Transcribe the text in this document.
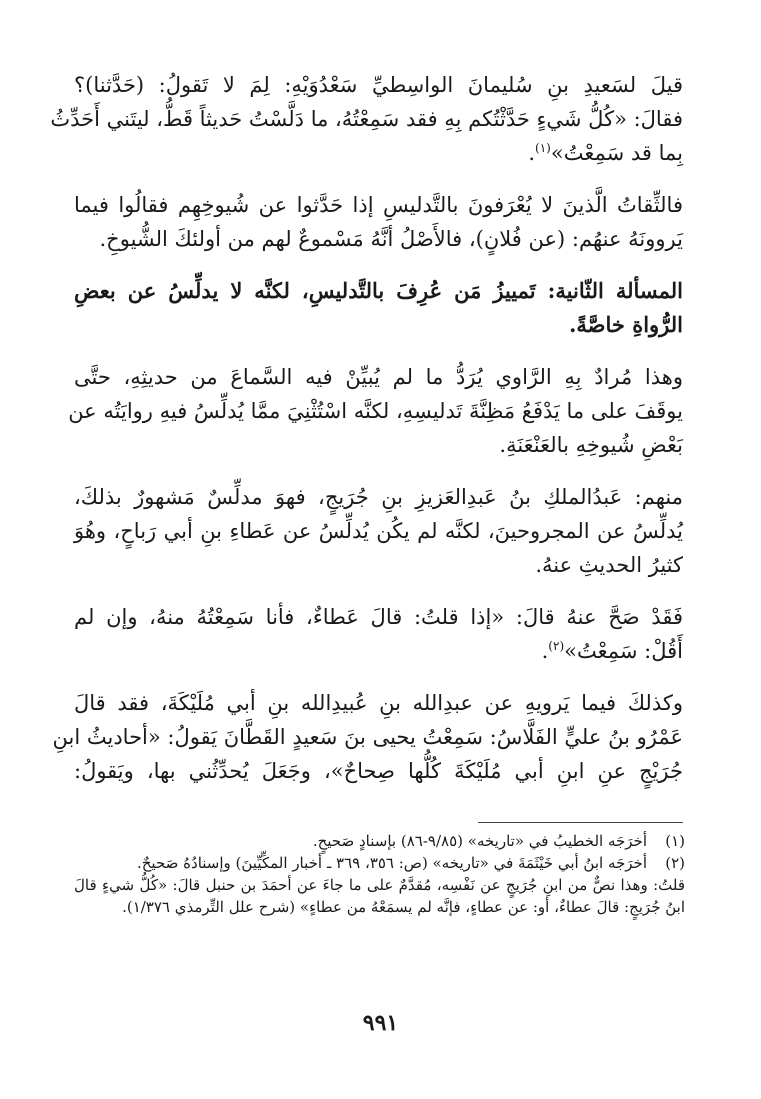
قيلَ لسَعيدِ بنِ سُليمانَ الواسِطيِّ سَعْدُوَيْهِ: لِمَ لا تَقولُ: (حَدَّثنا)؟
فقالَ: «كُلُّ شَيءٍ حَدَّثْتُكم بِهِ فقد سَمِعْتُهُ، ما دَلَّسْتُ حَديثاً قَطُّ، ليتَني أَحَدِّثُ
بِما قد سَمِعْتُ»$^{(١)}$.

فالثِّقاتُ الَّذينَ لا يُعْرَفونَ بالتَّدليسِ إذا حَدَّثوا عن شُيوخِهِم فقالُوا فيما
يَروونَهُ عنهُم: (عن فُلانٍ)، فالأَصْلُ أنَّهُ مَسْموعٌ لهم من أولئكَ الشُّيوخِ.

المسألة الثّانية: تَمييزُ مَن عُرِفَ بالتَّدليسِ، لكنَّه لا يدلِّسُ عن بعضِ
الرُّواةِ خاصَّةً.

وهذا مُرادٌ بِهِ الرَّاوي يُرَدُّ ما لم يُبيِّنْ فيه السَّماعَ من حديثِهِ، حتَّى
يوقَفَ على ما يَدْفَعُ مَظِنَّةَ تَدليسِهِ، لكنَّه اسْتُثْنِيَ ممَّا يُدلِّسُ فيهِ روايَتُه عن
بَعْضِ شُيوخِهِ بالعَنْعَنَةِ.

منهم: عَبدُالملكِ بنُ عَبدِالعَزيزِ بنِ جُرَيجٍ، فهوَ مدلِّسٌ مَشهورٌ بذلكَ،
يُدلِّسُ عن المجروحينَ، لكنَّه لم يكُن يُدلِّسُ عن عَطاءِ بنِ أبي رَباحٍ، وهُوَ
كثيرُ الحديثِ عنهُ.

فَقَدْ صَحَّ عنهُ قالَ: «إذا قلتُ: قالَ عَطاءٌ، فأنا سَمِعْتُهُ منهُ، وإن لم
أَقُلْ: سَمِعْتُ»$^{(٢)}$.

وكذلكَ فيما يَرويهِ عن عبدِالله بنِ عُبيدِالله بنِ أبي مُلَيْكَةَ، فقد قالَ
عَمْرُو بنُ عليٍّ الفَلَّاسُ: سَمِعْتُ يحيى بنَ سَعيدٍ القَطَّانَ يَقولُ: «أحاديثُ ابنِ
جُرَيْجٍ عنِ ابنِ أبي مُلَيْكَةَ كُلُّها صِحاحٌ»، وجَعَلَ يُحدِّثُني بها، ويَقولُ:

(١)
أخرَجَه الخطيبُ في «تاريخه» (٩/٨٥-٨٦) بإسنادٍ صَحيحٍ.
(٢)
أخرَجَه ابنُ أبي خَيْثَمَةَ في «تاريخه» (ص: ٣٥٦، ٣٦٩ ـ أخبار المكِّيِّينَ) وإسنادُهُ صَحيحٌ.
قلتُ: وهذا نصٌّ من ابنِ جُرَيجٍ عن نَفْسِه، مُقدَّمٌ على ما جاءَ عن أحمَدَ بن حنبل قالَ: «كُلُّ شيءٍ قالَ ابنُ جُرَيجٍ: قالَ عطاءٌ، أو: عن عطاءٍ، فإنَّه لم يسمَعْهُ من عطاءٍ» (شرح علل التِّرمذي ١/٣٧٦).
٩٩١
